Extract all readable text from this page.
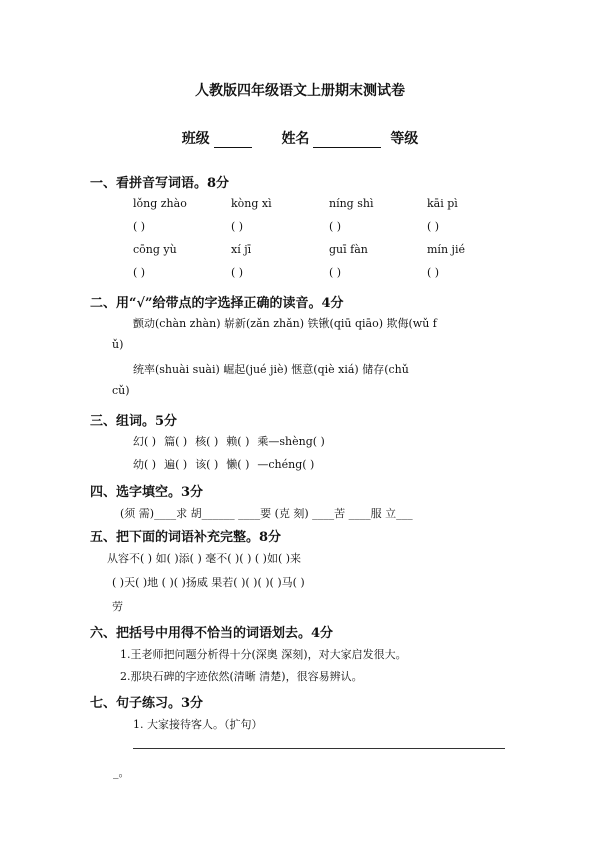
人教版四年级语文上册期末测试卷
班级	姓名	等级
一、看拼音写词语。8分
lǒng zhào	kòng xì	níng shì	kāi pì
( )	( )	( )	( )
cōng yù	xí jī	guī fàn	mín jié
( )	( )	( )	( )
二、用“√”给带点的字选择正确的读音。4分
颤动(chàn zhàn) 崭新(zǎn zhǎn) 铁锹(qiū qiāo) 欺侮(wǔ f
ǔ)
统率(shuài suài) 崛起(jué jiè) 惬意(qiè xiá) 储存(chǔ
cǔ)
三、组词。5分
幻( ) 篇( ) 核( ) 赖( ) 乘—shèng( )
幼( ) 遍( ) 该( ) 懒( ) —chéng( )
四、选字填空。3分
(须 需)____求 胡______ ____要 (克 刻) ____苦 ____服 立___
五、把下面的词语补充完整。8分
从容不( ) 如( )添( ) 毫不( )( ) ( )如( )来
( )天( )地 ( )( )扬威 果若( )( )( )( )马( )
劳
六、把括号中用得不恰当的词语划去。4分
1.王老师把问题分析得十分(深奥 深刻)，对大家启发很大。
2.那块石碑的字迹依然(清晰 清楚)，很容易辨认。
七、句子练习。3分
1. 大家接待客人。（扩句）
_。
